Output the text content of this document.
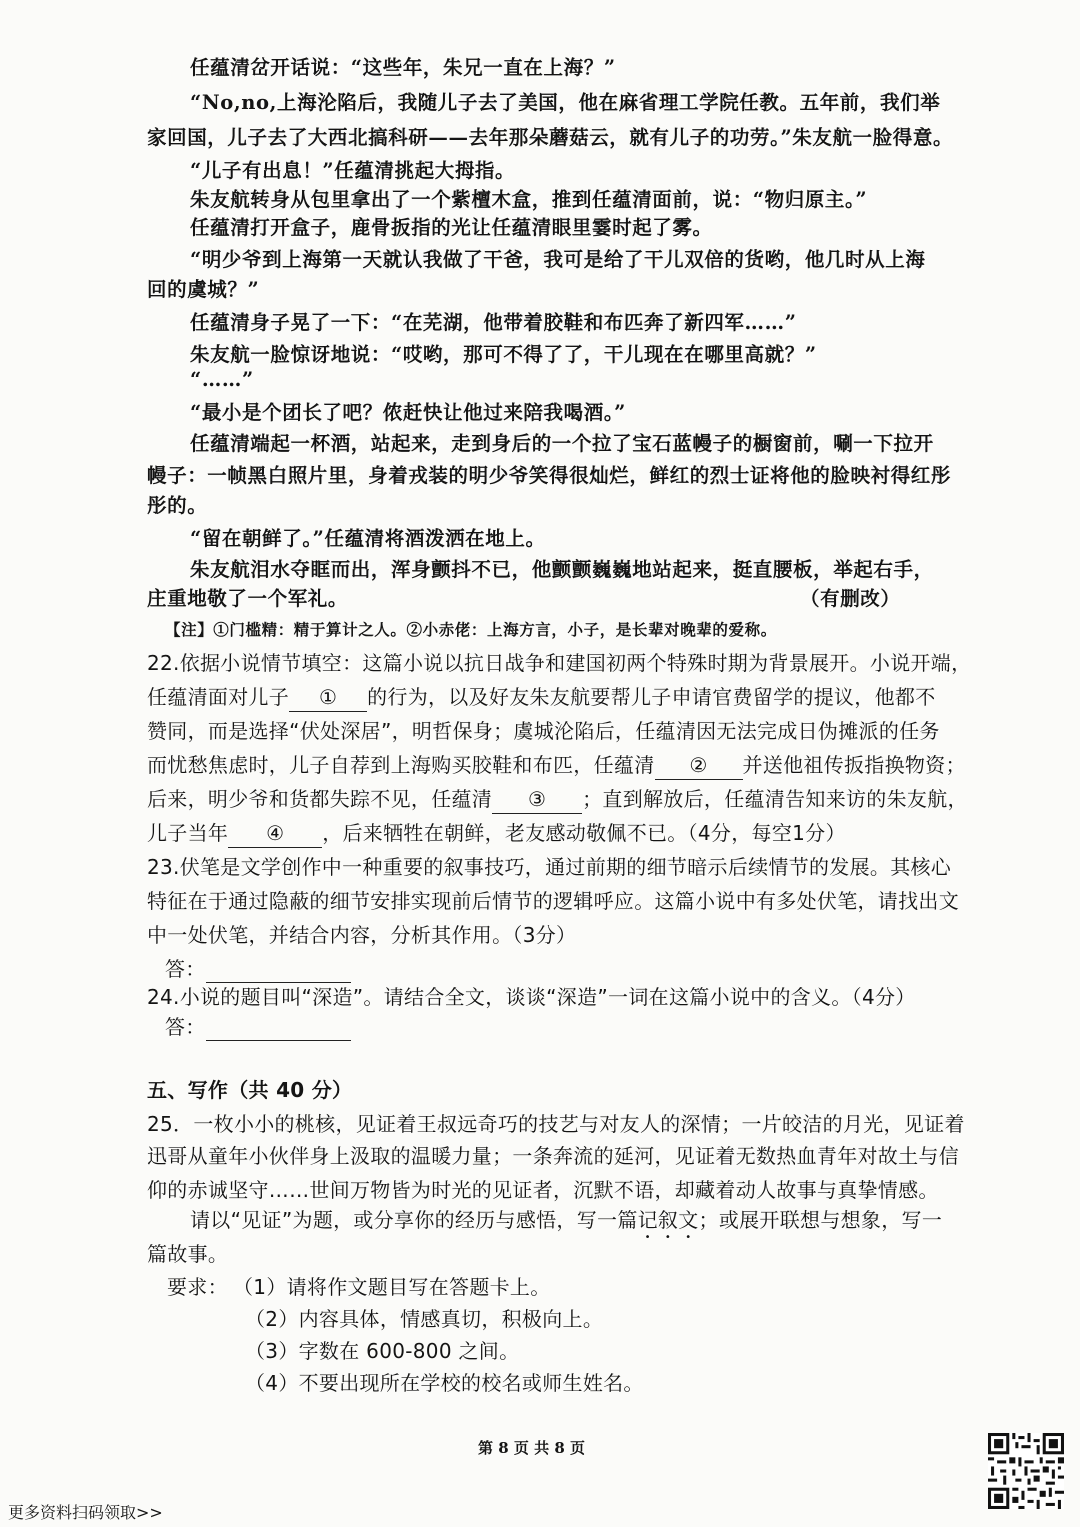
任蕴清岔开话说：“这些年，朱兄一直在上海？”
“No,no,上海沦陷后，我随儿子去了美国，他在麻省理工学院任教。五年前，我们举
家回国，儿子去了大西北搞科研——去年那朵蘑菇云，就有儿子的功劳。”朱友航一脸得意。
“儿子有出息！”任蕴清挑起大拇指。
朱友航转身从包里拿出了一个紫檀木盒，推到任蕴清面前，说：“物归原主。”
任蕴清打开盒子，鹿骨扳指的光让任蕴清眼里霎时起了雾。
“明少爷到上海第一天就认我做了干爸，我可是给了干儿双倍的货哟，他几时从上海
回的虞城？”
任蕴清身子晃了一下：“在芜湖，他带着胶鞋和布匹奔了新四军……”
朱友航一脸惊讶地说：“哎哟，那可不得了了，干儿现在在哪里高就？”
“……”
“最小是个团长了吧？侬赶快让他过来陪我喝酒。”
任蕴清端起一杯酒，站起来，走到身后的一个拉了宝石蓝幔子的橱窗前，唰一下拉开
幔子：一帧黑白照片里，身着戎装的明少爷笑得很灿烂，鲜红的烈士证将他的脸映衬得红彤
彤的。
“留在朝鲜了。”任蕴清将酒泼洒在地上。
朱友航泪水夺眶而出，浑身颤抖不已，他颤颤巍巍地站起来，挺直腰板，举起右手，
庄重地敬了一个军礼。	（有删改）
【注】①门槛精：精于算计之人。②小赤佬：上海方言，小子，是长辈对晚辈的爱称。
22.依据小说情节填空：这篇小说以抗日战争和建国初两个特殊时期为背景展开。小说开端，
任蕴清面对儿子 ① 的行为，以及好友朱友航要帮儿子申请官费留学的提议，他都不
赞同，而是选择“伏处深居”，明哲保身；虞城沦陷后，任蕴清因无法完成日伪摊派的任务
而忧愁焦虑时，儿子自荐到上海购买胶鞋和布匹，任蕴清 ② 并送他祖传扳指换物资；
后来，明少爷和货都失踪不见，任蕴清 ③ ；直到解放后，任蕴清告知来访的朱友航，
儿子当年 ④ ，后来牺牲在朝鲜，老友感动敬佩不已。（4分，每空1分）
23.伏笔是文学创作中一种重要的叙事技巧，通过前期的细节暗示后续情节的发展。其核心
特征在于通过隐蔽的细节安排实现前后情节的逻辑呼应。这篇小说中有多处伏笔，请找出文
中一处伏笔，并结合内容，分析其作用。（3分）
答：
24.小说的题目叫“深造”。请结合全文，谈谈“深造”一词在这篇小说中的含义。（4分）
答：
五、写作（共 40 分）
25．一枚小小的桃核，见证着王叔远奇巧的技艺与对友人的深情；一片皎洁的月光，见证着
迅哥从童年小伙伴身上汲取的温暖力量；一条奔流的延河，见证着无数热血青年对故土与信
仰的赤诚坚守……世间万物皆为时光的见证者，沉默不语，却藏着动人故事与真挚情感。
请以“见证”为题，或分享你的经历与感悟，写一篇记叙文；或展开联想与想象，写一
篇故事。
要求： （1）请将作文题目写在答题卡上。
（2）内容具体，情感真切，积极向上。
（3）字数在 600-800 之间。
（4）不要出现所在学校的校名或师生姓名。
第 8 页 共 8 页
更多资料扫码领取>>
